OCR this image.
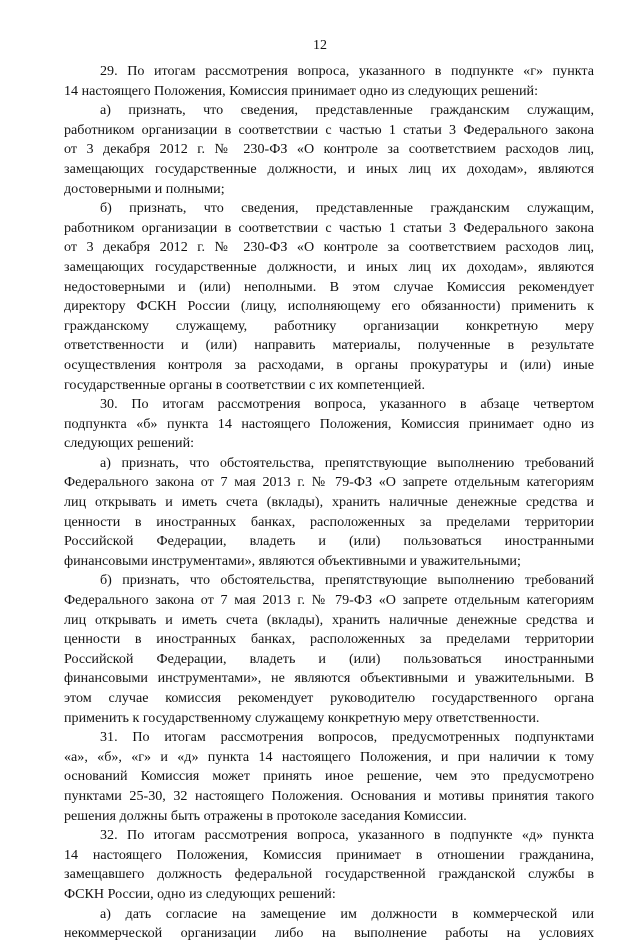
12
29. По итогам рассмотрения вопроса, указанного в подпункте «г» пункта
14 настоящего Положения, Комиссия принимает одно из следующих решений:
а) признать, что сведения, представленные гражданским служащим,
работником организации в соответствии с частью 1 статьи 3 Федерального закона
от 3 декабря 2012 г. № 230-ФЗ «О контроле за соответствием расходов лиц,
замещающих государственные должности, и иных лиц их доходам», являются
достоверными и полными;
б) признать, что сведения, представленные гражданским служащим,
работником организации в соответствии с частью 1 статьи 3 Федерального закона
от 3 декабря 2012 г. № 230-ФЗ «О контроле за соответствием расходов лиц,
замещающих государственные должности, и иных лиц их доходам», являются
недостоверными и (или) неполными. В этом случае Комиссия рекомендует
директору ФСКН России (лицу, исполняющему его обязанности) применить к
гражданскому служащему, работнику организации конкретную меру
ответственности и (или) направить материалы, полученные в результате
осуществления контроля за расходами, в органы прокуратуры и (или) иные
государственные органы в соответствии с их компетенцией.
30. По итогам рассмотрения вопроса, указанного в абзаце четвертом
подпункта «б» пункта 14 настоящего Положения, Комиссия принимает одно из
следующих решений:
а) признать, что обстоятельства, препятствующие выполнению требований
Федерального закона от 7 мая 2013 г. № 79-ФЗ «О запрете отдельным категориям
лиц открывать и иметь счета (вклады), хранить наличные денежные средства и
ценности в иностранных банках, расположенных за пределами территории
Российской Федерации, владеть и (или) пользоваться иностранными
финансовыми инструментами», являются объективными и уважительными;
б) признать, что обстоятельства, препятствующие выполнению требований
Федерального закона от 7 мая 2013 г. № 79-ФЗ «О запрете отдельным категориям
лиц открывать и иметь счета (вклады), хранить наличные денежные средства и
ценности в иностранных банках, расположенных за пределами территории
Российской Федерации, владеть и (или) пользоваться иностранными
финансовыми инструментами», не являются объективными и уважительными. В
этом случае комиссия рекомендует руководителю государственного органа
применить к государственному служащему конкретную меру ответственности.
31. По итогам рассмотрения вопросов, предусмотренных подпунктами
«а», «б», «г» и «д» пункта 14 настоящего Положения, и при наличии к тому
оснований Комиссия может принять иное решение, чем это предусмотрено
пунктами 25-30, 32 настоящего Положения. Основания и мотивы принятия такого
решения должны быть отражены в протоколе заседания Комиссии.
32. По итогам рассмотрения вопроса, указанного в подпункте «д» пункта
14 настоящего Положения, Комиссия принимает в отношении гражданина,
замещавшего должность федеральной государственной гражданской службы в
ФСКН России, одно из следующих решений:
а) дать согласие на замещение им должности в коммерческой или
некоммерческой организации либо на выполнение работы на условиях
